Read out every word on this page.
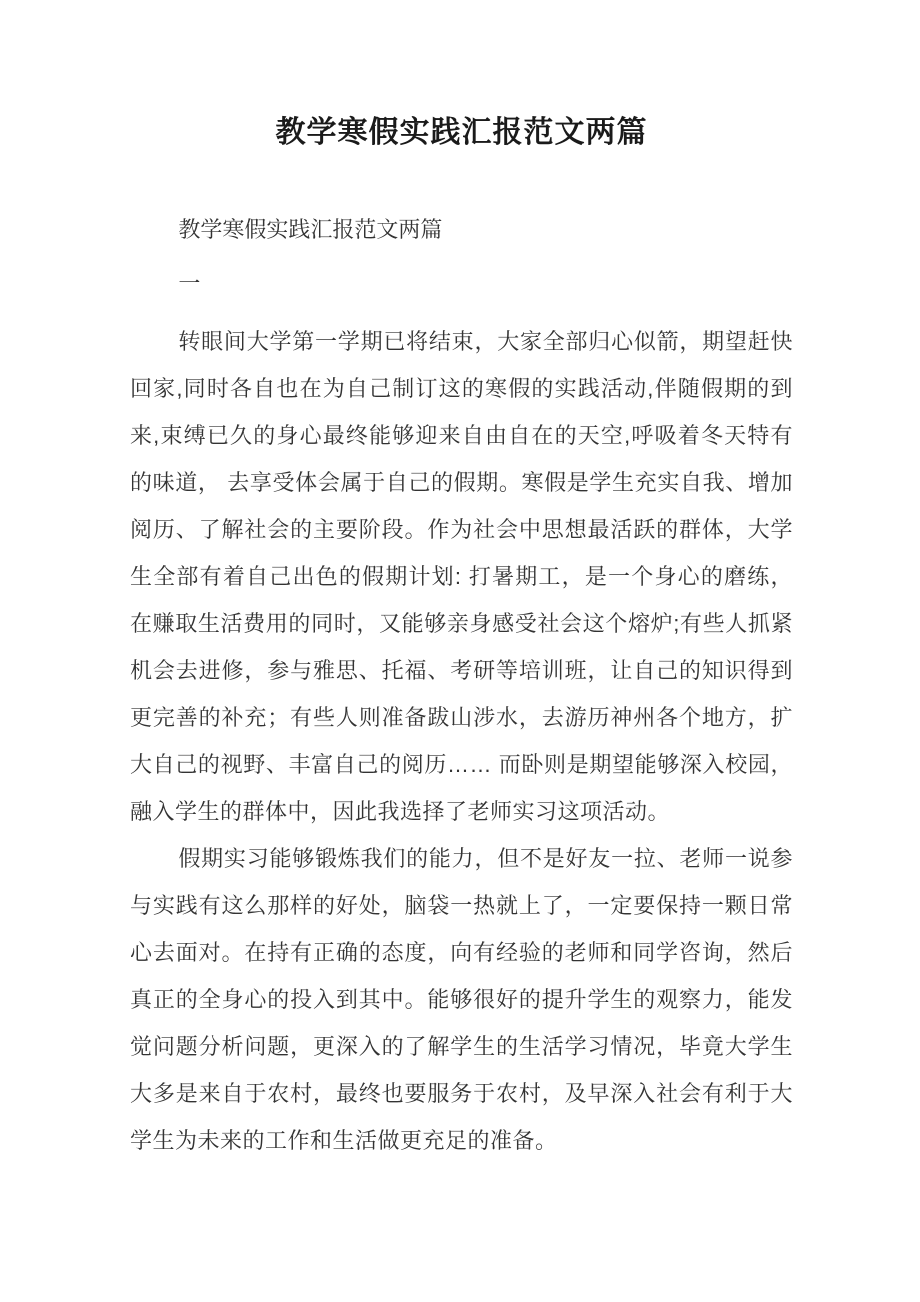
教学寒假实践汇报范文两篇

教学寒假实践汇报范文两篇

一

转眼间大学第一学期已将结束，大家全部归心似箭，期望赶快回家,同时各自也在为自己制订这的寒假的实践活动,伴随假期的到来,束缚已久的身心最终能够迎来自由自在的天空,呼吸着冬天特有的味道， 去享受体会属于自己的假期。寒假是学生充实自我、增加阅历、了解社会的主要阶段。作为社会中思想最活跃的群体，大学生全部有着自己出色的假期计划: 打暑期工，是一个身心的磨练，在赚取生活费用的同时，又能够亲身感受社会这个熔炉;有些人抓紧机会去进修，参与雅思、托福、考研等培训班，让自己的知识得到更完善的补充；有些人则准备跋山涉水，去游历神州各个地方，扩大自己的视野、丰富自己的阅历…… 而卧则是期望能够深入校园，融入学生的群体中，因此我选择了老师实习这项活动。

假期实习能够锻炼我们的能力，但不是好友一拉、老师一说参与实践有这么那样的好处，脑袋一热就上了，一定要保持一颗日常心去面对。在持有正确的态度，向有经验的老师和同学咨询，然后真正的全身心的投入到其中。能够很好的提升学生的观察力，能发觉问题分析问题，更深入的了解学生的生活学习情况，毕竟大学生大多是来自于农村，最终也要服务于农村，及早深入社会有利于大学生为未来的工作和生活做更充足的准备。
